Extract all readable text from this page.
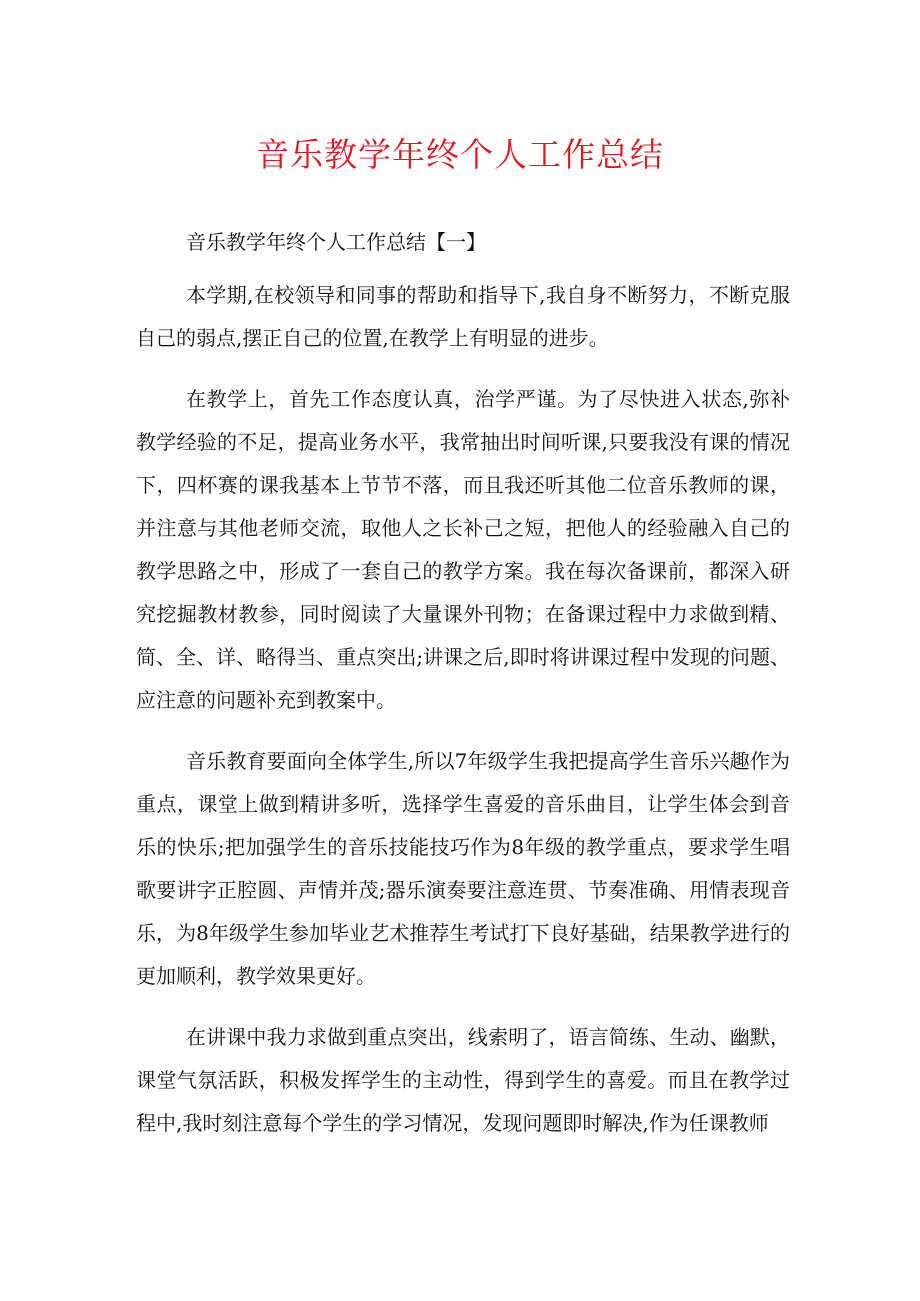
音乐教学年终个人工作总结

音乐教学年终个人工作总结【一】

本学期,在校领导和同事的帮助和指导下,我自身不断努力，不断克服自己的弱点,摆正自己的位置,在教学上有明显的进步。

在教学上，首先工作态度认真，治学严谨。为了尽快进入状态,弥补教学经验的不足，提高业务水平，我常抽出时间听课,只要我没有课的情况下，四杯赛的课我基本上节节不落，而且我还听其他二位音乐教师的课，并注意与其他老师交流，取他人之长补己之短，把他人的经验融入自己的教学思路之中，形成了一套自己的教学方案。我在每次备课前，都深入研究挖掘教材教参，同时阅读了大量课外刊物；在备课过程中力求做到精、简、全、详、略得当、重点突出;讲课之后,即时将讲课过程中发现的问题、应注意的问题补充到教案中。

音乐教育要面向全体学生,所以7年级学生我把提高学生音乐兴趣作为重点，课堂上做到精讲多听，选择学生喜爱的音乐曲目，让学生体会到音乐的快乐;把加强学生的音乐技能技巧作为8年级的教学重点，要求学生唱歌要讲字正腔圆、声情并茂;器乐演奏要注意连贯、节奏准确、用情表现音乐，为8年级学生参加毕业艺术推荐生考试打下良好基础，结果教学进行的更加顺利，教学效果更好。

在讲课中我力求做到重点突出，线索明了，语言简练、生动、幽默，课堂气氛活跃，积极发挥学生的主动性，得到学生的喜爱。而且在教学过程中,我时刻注意每个学生的学习情况，发现问题即时解决,作为任课教师
